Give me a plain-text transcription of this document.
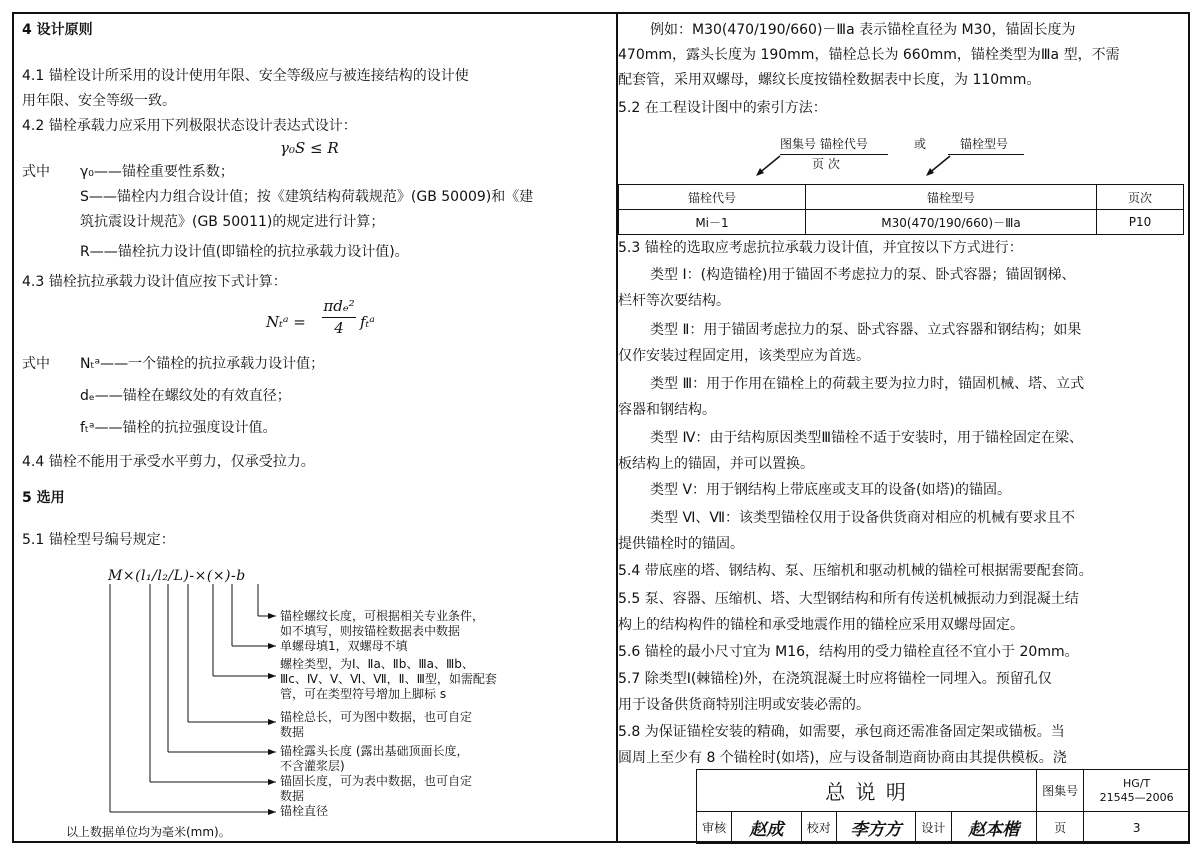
4 设计原则
4.1 锚栓设计所采用的设计使用年限、安全等级应与被连接结构的设计使
用年限、安全等级一致。
4.2 锚栓承载力应采用下列极限状态设计表达式设计：
γ₀S ≤ R
式中 γ₀——锚栓重要性系数；
S——锚栓内力组合设计值；按《建筑结构荷载规范》(GB 50009)和《建
筑抗震设计规范》(GB 50011)的规定进行计算；
R——锚栓抗力设计值(即锚栓的抗拉承载力设计值)。
4.3 锚栓抗拉承载力设计值应按下式计算：
Nₜᵃ =
πdₑ²
4	fₜᵃ
式中 Nₜᵃ——一个锚栓的抗拉承载力设计值；
dₑ——锚栓在螺纹处的有效直径；
fₜᵃ——锚栓的抗拉强度设计值。
4.4 锚栓不能用于承受水平剪力，仅承受拉力。
5 选用
5.1 锚栓型号编号规定：
M×(l₁/l₂/L)-×(×)-b
锚栓螺纹长度，可根据相关专业条件，
如不填写，则按锚栓数据表中数据
单螺母填1，双螺母不填
螺栓类型，为Ⅰ、Ⅱa、Ⅱb、Ⅲa、Ⅲb、
Ⅲc、Ⅳ、Ⅴ、Ⅵ、Ⅶ，Ⅱ、Ⅲ型，如需配套
管，可在类型符号增加上脚标 s
锚栓总长，可为图中数据，也可自定
数据
锚栓露头长度 (露出基础顶面长度，
不含灌浆层)
锚固长度，可为表中数据，也可自定
数据
锚栓直径
以上数据单位均为毫米(mm)。
例如：M30(470/190/660)－Ⅲa 表示锚栓直径为 M30，锚固长度为
470mm，露头长度为 190mm，锚栓总长为 660mm，锚栓类型为Ⅲa 型，不需
配套管，采用双螺母，螺纹长度按锚栓数据表中长度，为 110mm。
5.2 在工程设计图中的索引方法：
图集号 锚栓代号	或	锚栓型号
页 次
锚栓代号	锚栓型号	页次
Mⅰ－1	M30(470/190/660)－Ⅲa	P10
5.3 锚栓的选取应考虑抗拉承载力设计值，并宜按以下方式进行：
类型 Ⅰ：(构造锚栓)用于锚固不考虑拉力的泵、卧式容器；锚固钢梯、
栏杆等次要结构。
类型 Ⅱ：用于锚固考虑拉力的泵、卧式容器、立式容器和钢结构；如果
仅作安装过程固定用，该类型应为首选。
类型 Ⅲ：用于作用在锚栓上的荷载主要为拉力时，锚固机械、塔、立式
容器和钢结构。
类型 Ⅳ：由于结构原因类型Ⅲ锚栓不适于安装时，用于锚栓固定在梁、
板结构上的锚固，并可以置换。
类型 Ⅴ：用于钢结构上带底座或支耳的设备(如塔)的锚固。
类型 Ⅵ、Ⅶ：该类型锚栓仅用于设备供货商对相应的机械有要求且不
提供锚栓时的锚固。
5.4 带底座的塔、钢结构、泵、压缩机和驱动机械的锚栓可根据需要配套筒。
5.5 泵、容器、压缩机、塔、大型钢结构和所有传送机械振动力到混凝土结
构上的结构构件的锚栓和承受地震作用的锚栓应采用双螺母固定。
5.6 锚栓的最小尺寸宜为 M16，结构用的受力锚栓直径不宜小于 20mm。
5.7 除类型Ⅰ(棘锚栓)外，在浇筑混凝土时应将锚栓一同埋入。预留孔仅
用于设备供货商特别注明或安装必需的。
5.8 为保证锚栓安装的精确，如需要，承包商还需准备固定架或锚板。当
圆周上至少有 8 个锚栓时(如塔)，应与设备制造商协商由其提供模板。浇
总 说 明						图集号	HG/T
21545—2006

审核	赵成	校对	李方方	设计	赵本楷	页	3
